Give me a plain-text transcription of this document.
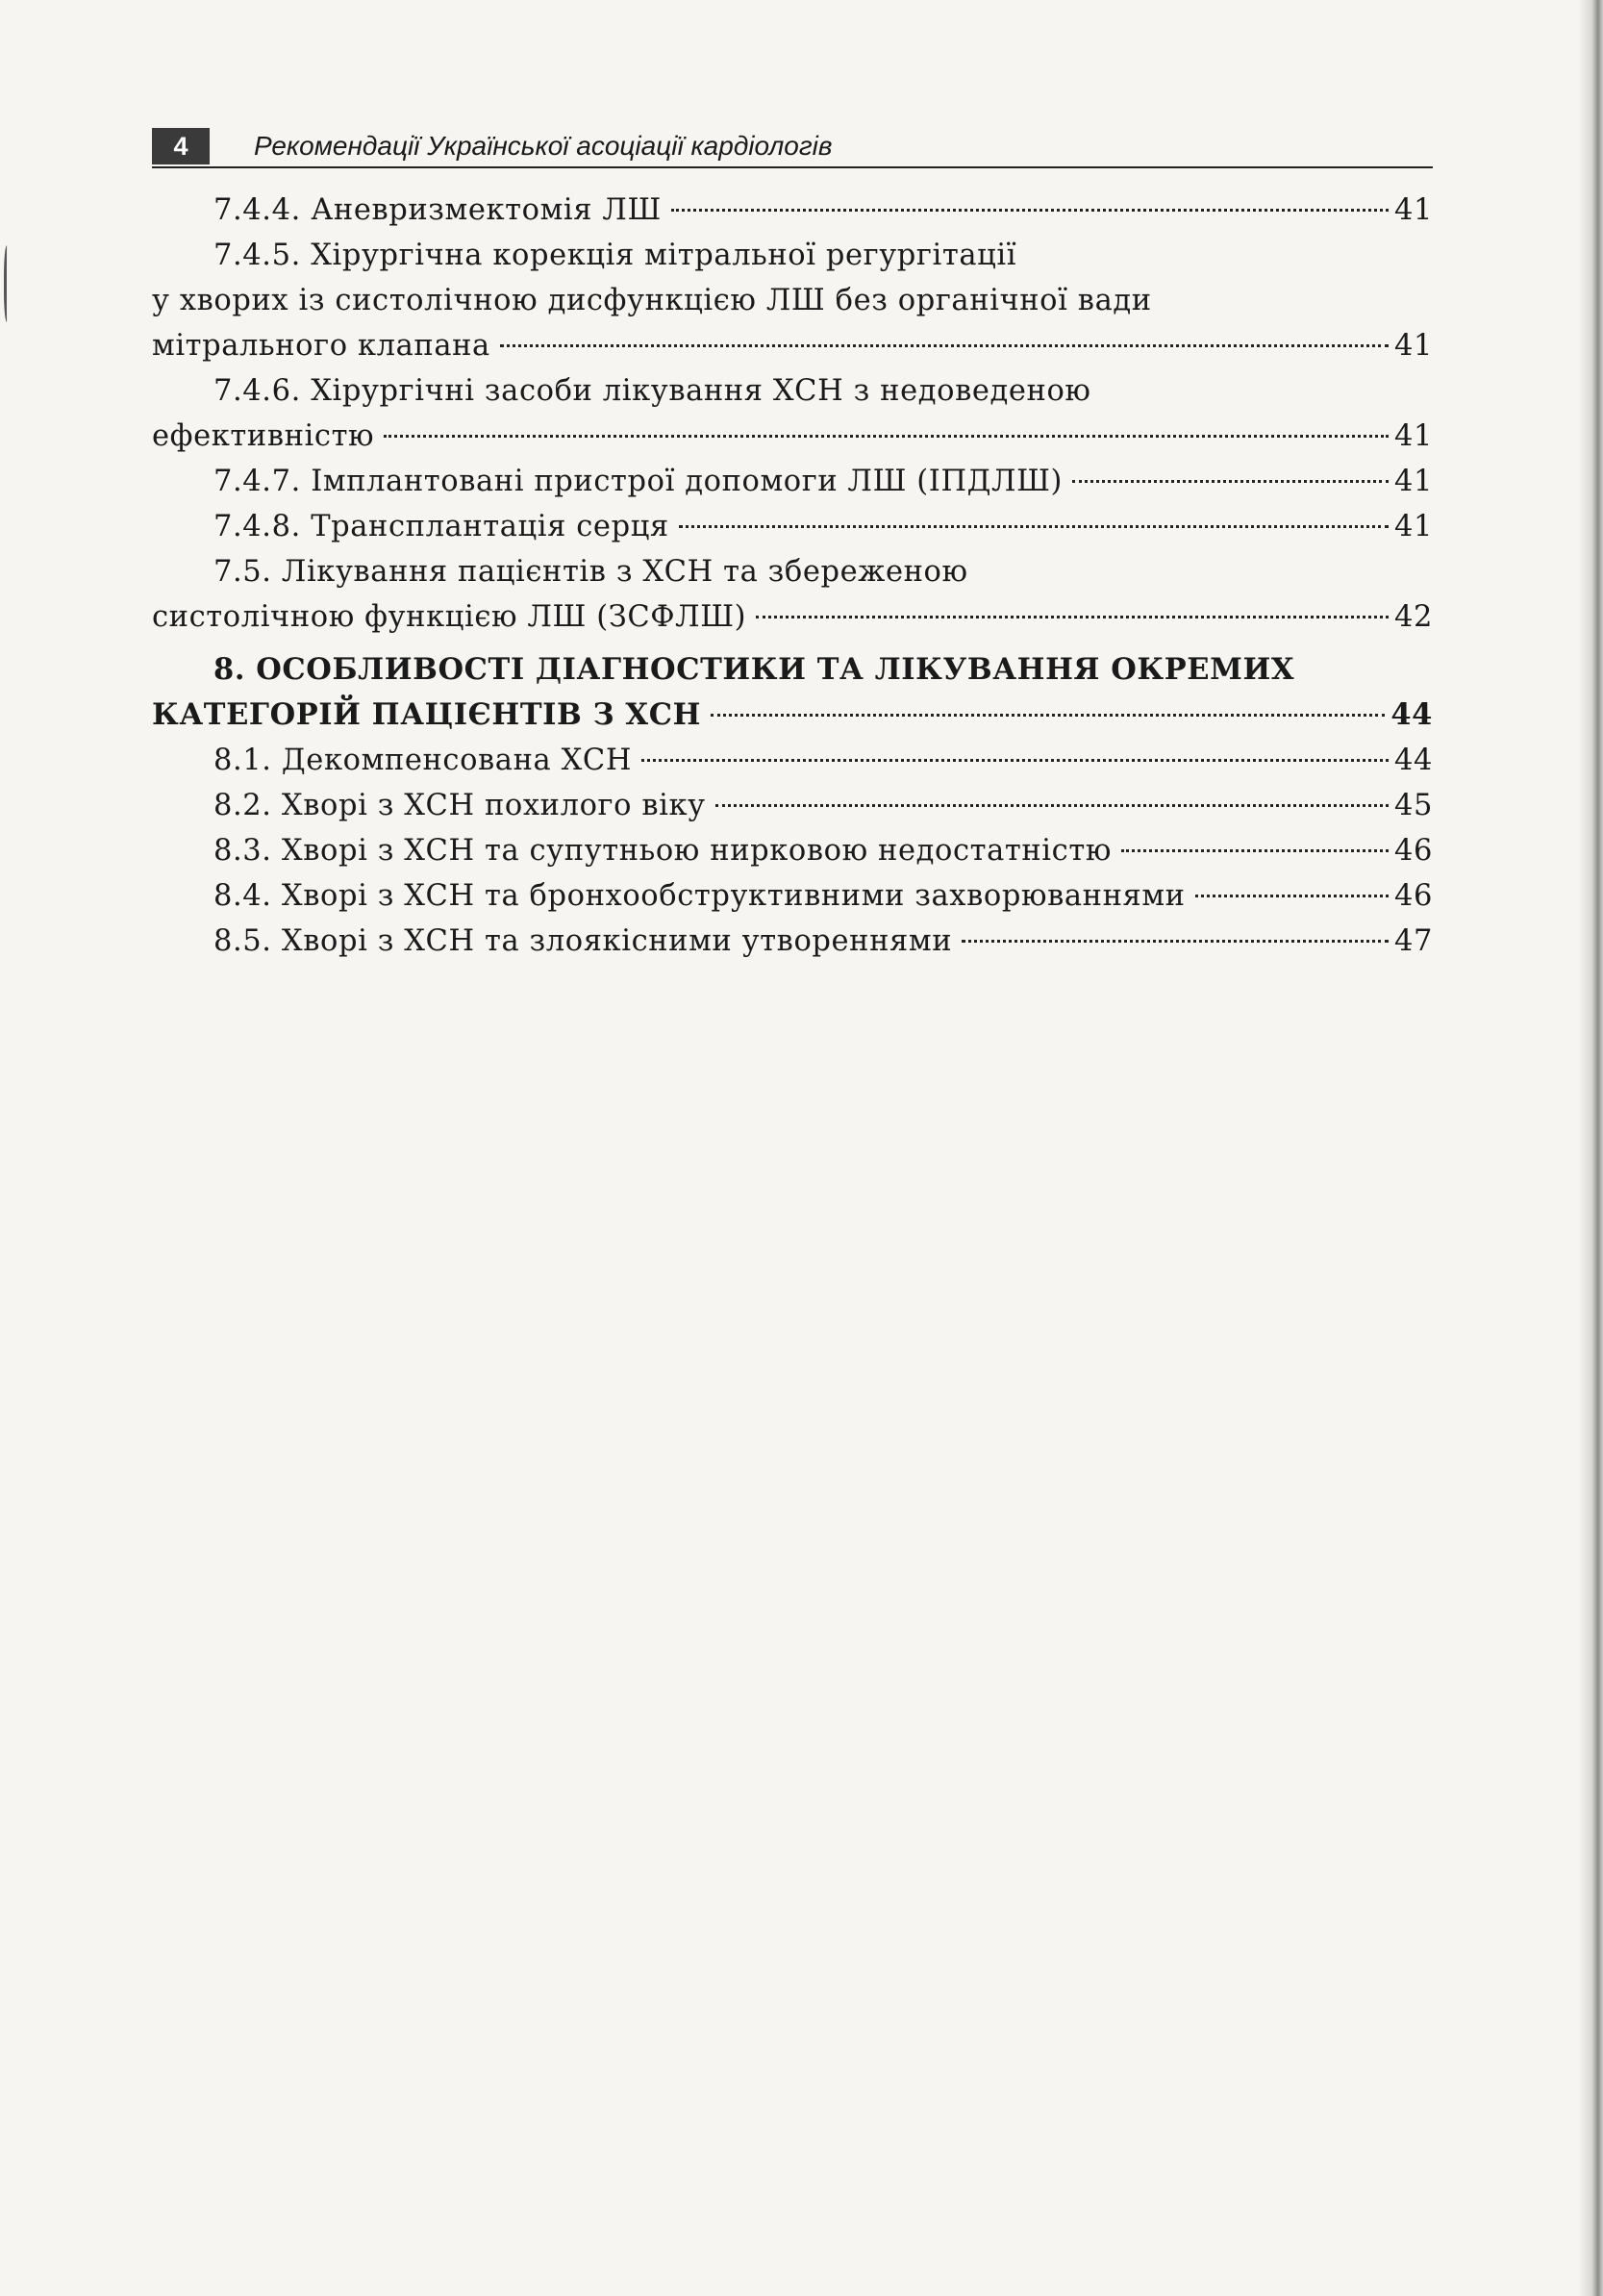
4	Рекомендації Української асоціації кардіологів
7.4.4. Аневризмектомія ЛШ	41
7.4.5. Хірургічна корекція мітральної регургітації
у хворих із систолічною дисфункцією ЛШ без органічної вади
мітрального клапана	41
7.4.6. Хірургічні засоби лікування ХСН з недоведеною
ефективністю	41
7.4.7. Імплантовані пристрої допомоги ЛШ (ІПДЛШ)	41
7.4.8. Трансплантація серця	41
7.5. Лікування пацієнтів з ХСН та збереженою
систолічною функцією ЛШ (ЗСФЛШ)	42
8. ОСОБЛИВОСТІ ДІАГНОСТИКИ ТА ЛІКУВАННЯ ОКРЕМИХ
КАТЕГОРІЙ ПАЦІЄНТІВ З ХСН	44
8.1. Декомпенсована ХСН	44
8.2. Хворі з ХСН похилого віку	45
8.3. Хворі з ХСН та супутньою нирковою недостатністю	46
8.4. Хворі з ХСН та бронхообструктивними захворюваннями	46
8.5. Хворі з ХСН та злоякісними утвореннями	47
